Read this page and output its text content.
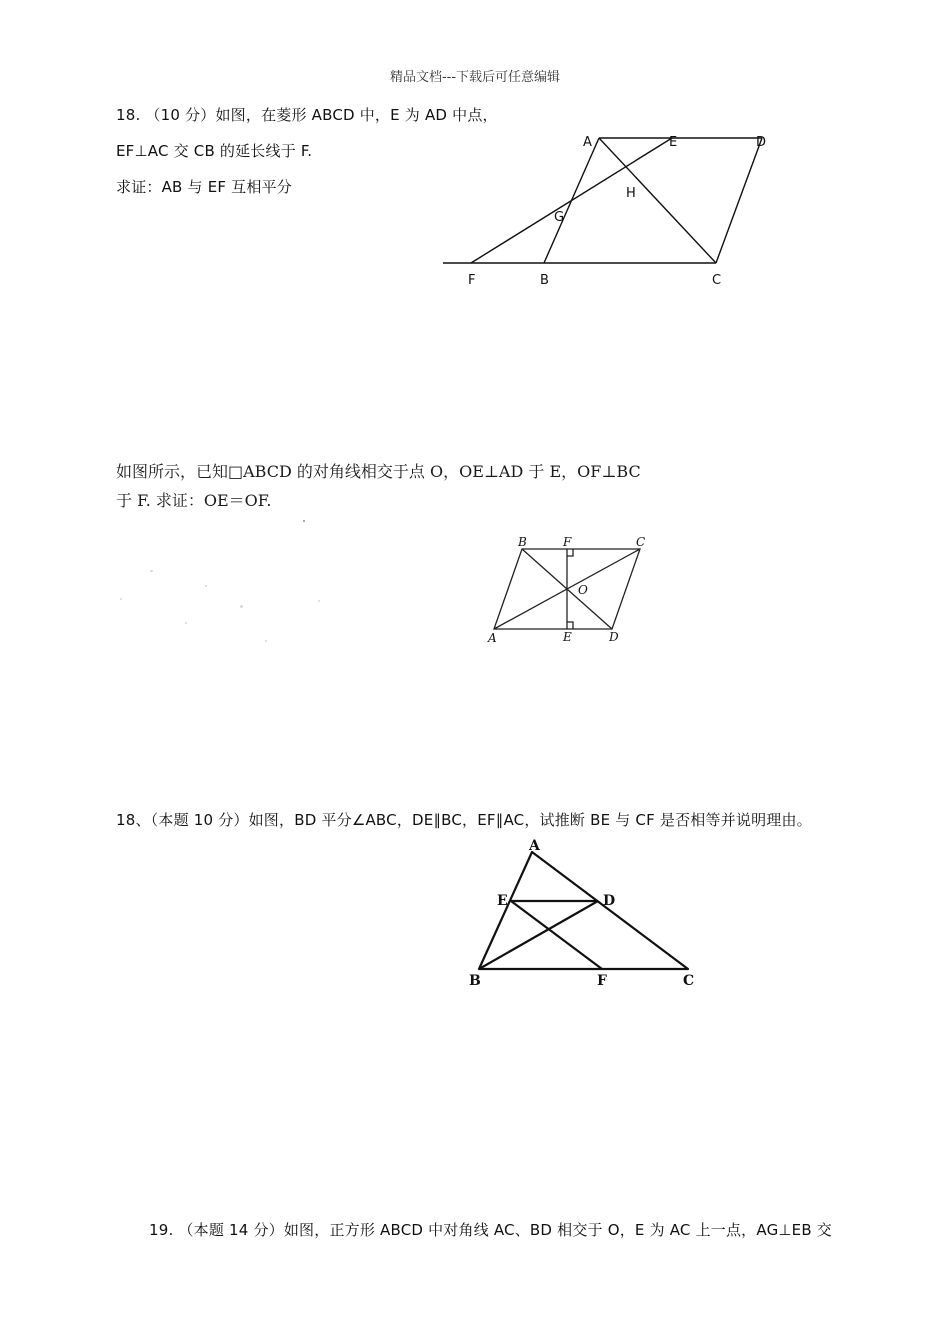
精品文档---下载后可任意编辑
18. （10 分）如图，在菱形 ABCD 中，E 为 AD 中点，
EF⊥AC 交 CB 的延长线于 F.
求证：AB 与 EF 互相平分
A	E	D
H
G
F	B	C
如图所示，已知□ABCD 的对角线相交于点 O，OE⊥AD 于 E，OF⊥BC
于 F. 求证：OE＝OF.
B	F	C
O
A	E	D
18、（本题 10 分）如图，BD 平分∠ABC，DE∥BC，EF∥AC，试推断 BE 与 CF 是否相等并说明理由。
A
E	D
B	F	C
19. （本题 14 分）如图，正方形 ABCD 中对角线 AC、BD 相交于 O，E 为 AC 上一点，AG⊥EB 交
